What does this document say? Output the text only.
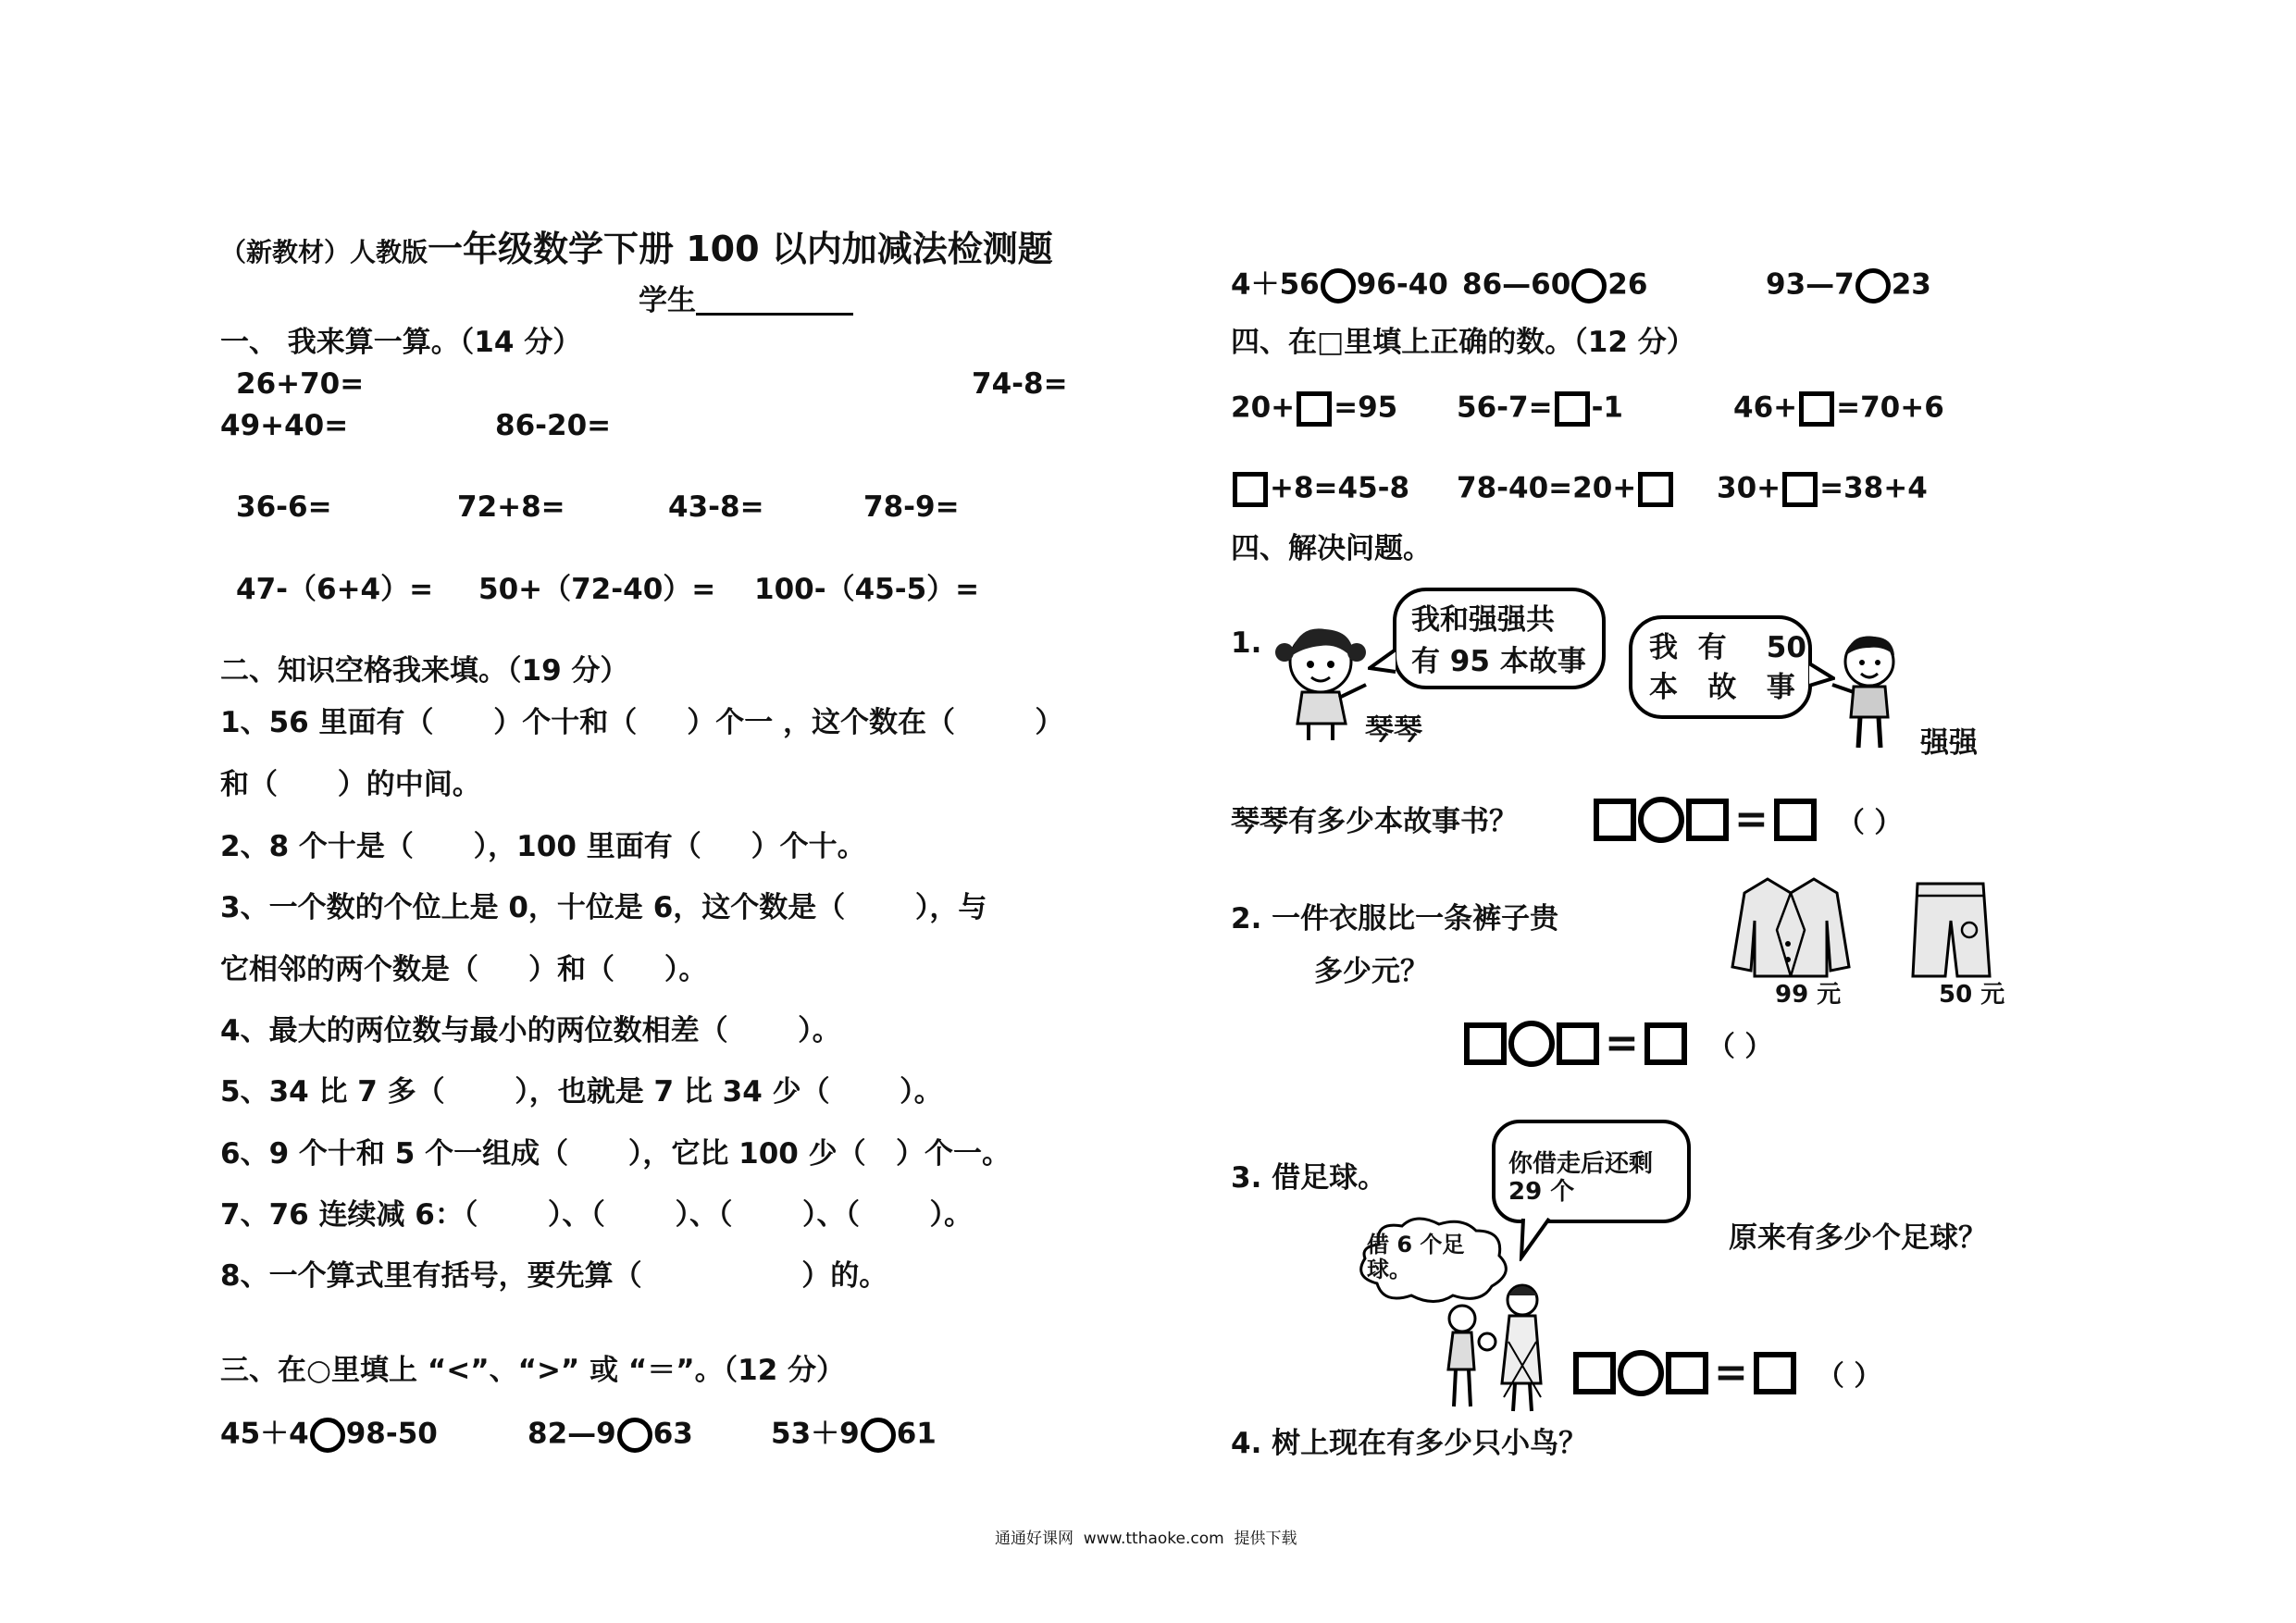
（新教材）人教版一年级数学下册 100 以内加减法检测题
学生
一、 我来算一算。（14 分）
26+70=	74-8=
49+40=	86-20=
36-6=	72+8=	43-8=	78-9=
47-（6+4）= 50+（72-40）= 100-（45-5）=
二、知识空格我来填。（19 分）
1、56 里面有（      ）个十和（     ）个一 ，这个数在（        ）
和（      ）的中间。
2、8 个十是（      ），100 里面有（     ）个十。
3、一个数的个位上是 0，十位是 6，这个数是（       ），与
它相邻的两个数是（     ）和（     ）。
4、最大的两位数与最小的两位数相差（       ）。
5、34 比 7 多（       ），也就是 7 比 34 少（       ）。
6、9 个十和 5 个一组成（      ），它比 100 少（   ）个一。
7、76 连续减 6：（       ）、（       ）、（       ）、（       ）。
8、一个算式里有括号，要先算（                ）的。
三、在○里填上 “<”、“>” 或 “＝”。（12 分）
45＋4 98-50	82—9 63	53＋9 61
4＋56 96-40 86—60 26	93—7 23
四、在□里填上正确的数。（12 分）
20+ =95 56-7= -1	46+ =70+6
+8=45-8 78-40=20+	30+ =38+4
四、解决问题。
1.
我和强强共
有 95 本故事
琴琴
我  有    50
本   故   事
强强
琴琴有多少本故事书？	= （ ）
2. 一件衣服比一条裤子贵
多少元？
99 元	50 元
= （ ）
3. 借足球。	你借走后还剩
29 个
借 6 个足
球。
原来有多少个足球？
= （ ）
4. 树上现在有多少只小鸟？
通通好课网  www.tthaoke.com  提供下载
